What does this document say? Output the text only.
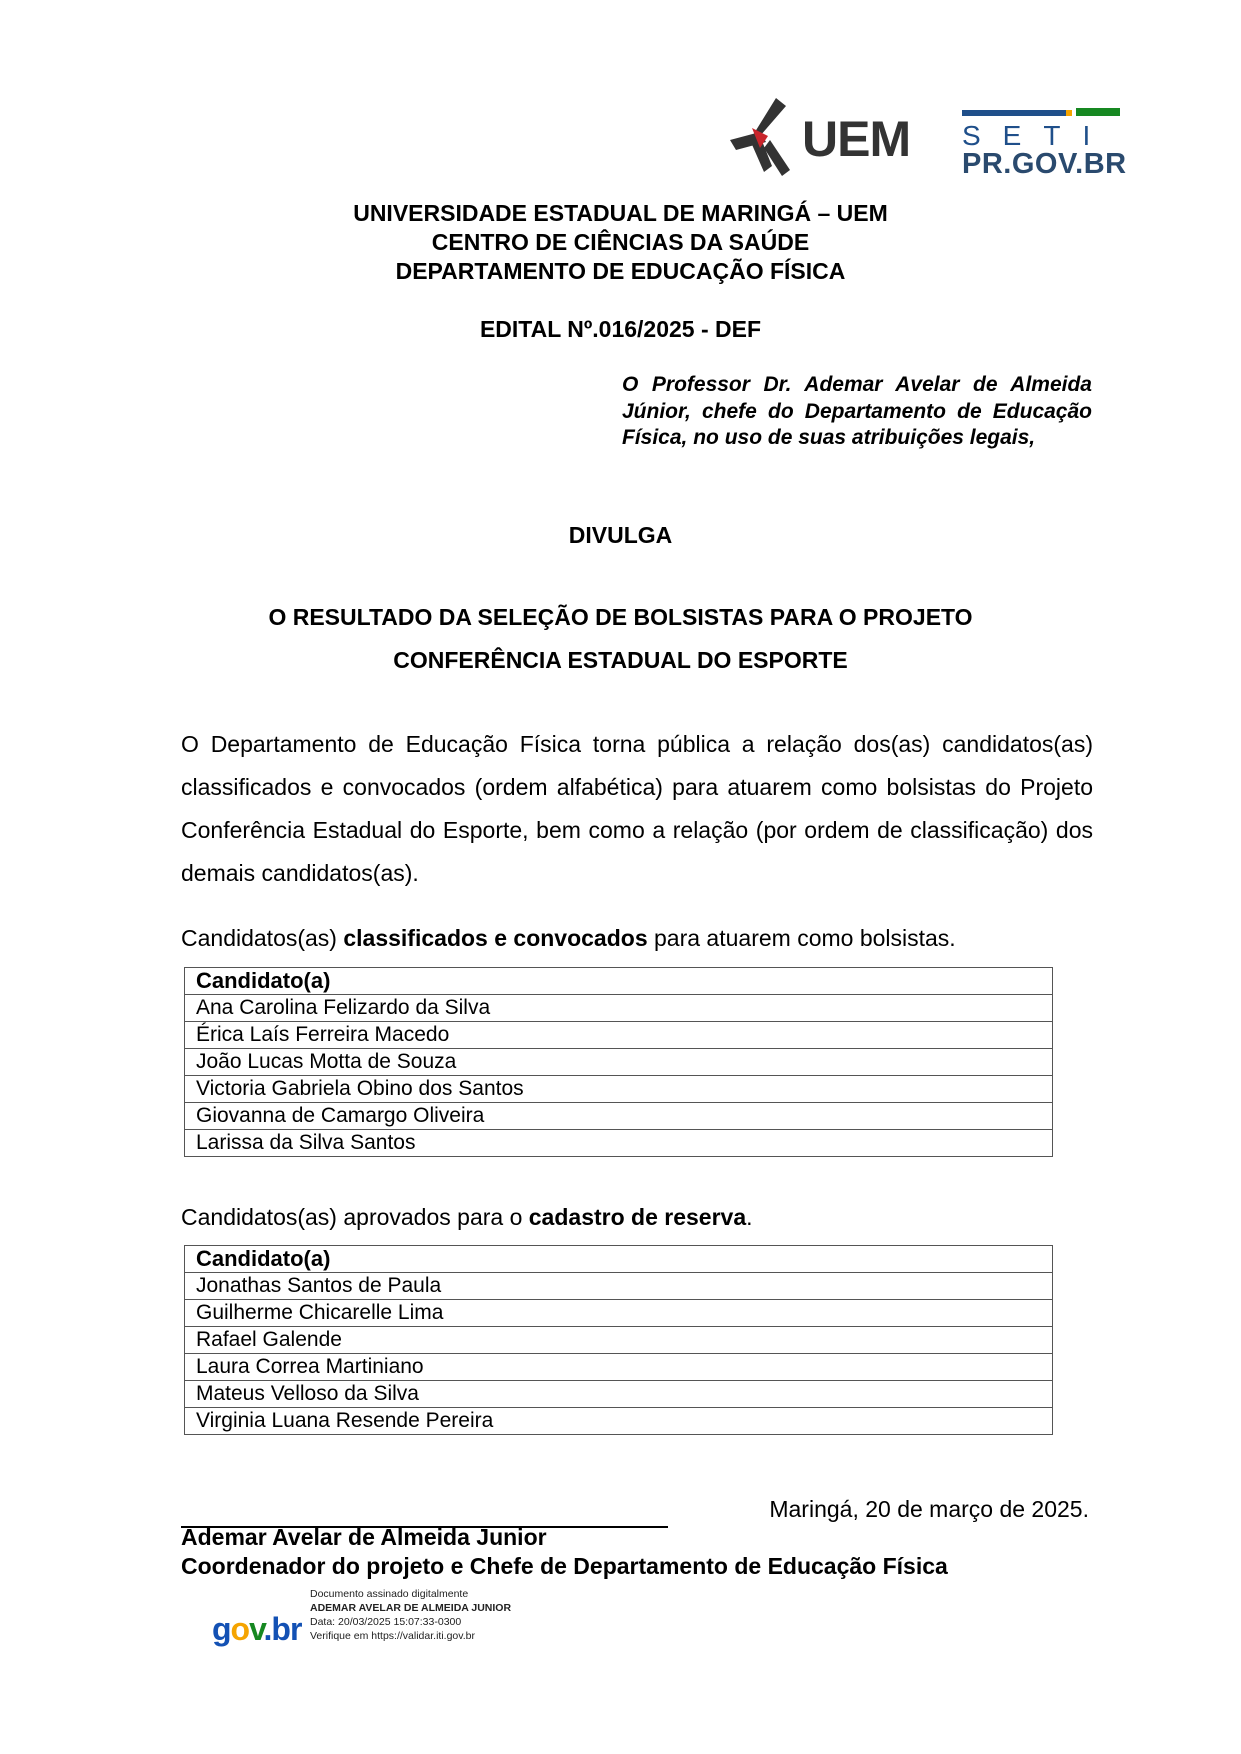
UEM SETI
PR.GOV.BR
UNIVERSIDADE ESTADUAL DE MARINGÁ – UEM
CENTRO DE CIÊNCIAS DA SAÚDE
DEPARTAMENTO DE EDUCAÇÃO FÍSICA
EDITAL Nº.016/2025 - DEF
O Professor Dr. Ademar Avelar de Almeida Júnior, chefe do Departamento de Educação Física, no uso de suas atribuições legais,
DIVULGA
O RESULTADO DA SELEÇÃO DE BOLSISTAS PARA O PROJETO
CONFERÊNCIA ESTADUAL DO ESPORTE
O Departamento de Educação Física torna pública a relação dos(as) candidatos(as) classificados e convocados (ordem alfabética) para atuarem como bolsistas do Projeto Conferência Estadual do Esporte, bem como a relação (por ordem de classificação) dos demais candidatos(as).
Candidatos(as) classificados e convocados para atuarem como bolsistas.
Candidato(a)
Ana Carolina Felizardo da Silva
Érica Laís Ferreira Macedo
João Lucas Motta de Souza
Victoria Gabriela Obino dos Santos
Giovanna de Camargo Oliveira
Larissa da Silva Santos
Candidatos(as) aprovados para o cadastro de reserva.
Candidato(a)
Jonathas Santos de Paula
Guilherme Chicarelle Lima
Rafael Galende
Laura Correa Martiniano
Mateus Velloso da Silva
Virginia Luana Resende Pereira
Maringá, 20 de março de 2025.
Ademar Avelar de Almeida Junior
Coordenador do projeto e Chefe de Departamento de Educação Física
gov.br
Documento assinado digitalmente
ADEMAR AVELAR DE ALMEIDA JUNIOR
Data: 20/03/2025 15:07:33-0300
Verifique em https://validar.iti.gov.br
